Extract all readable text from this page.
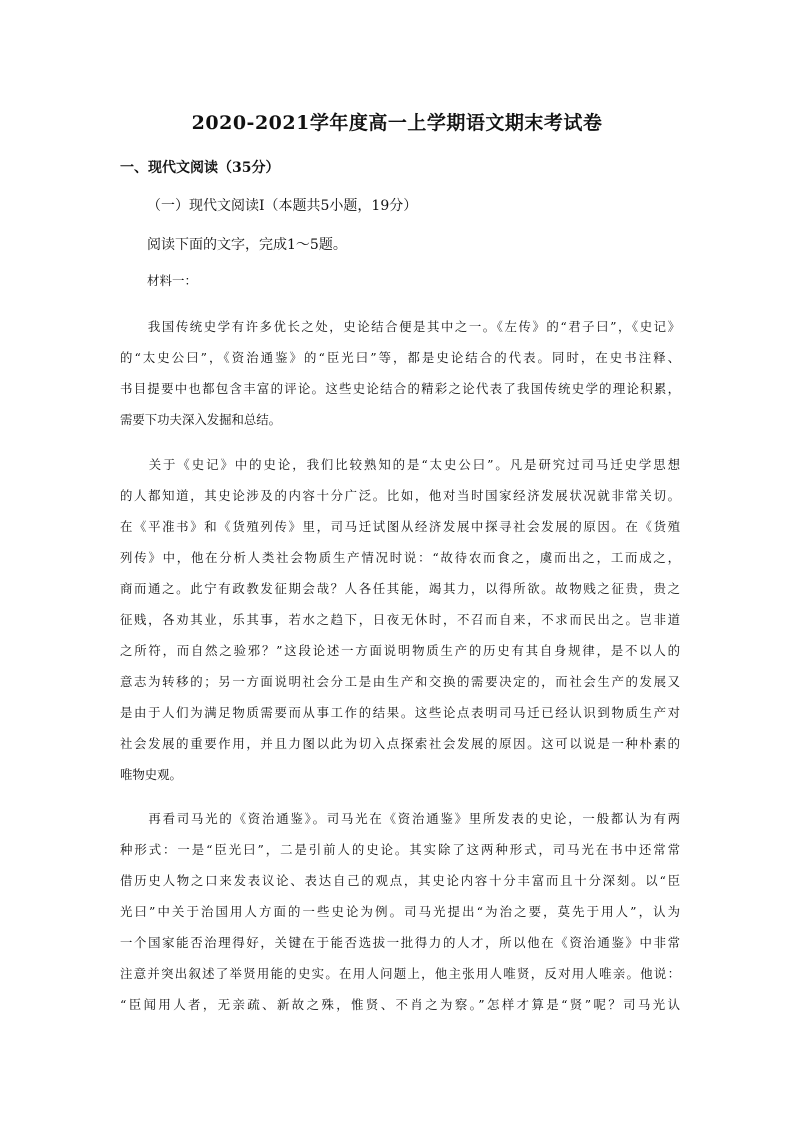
2020-2021学年度高一上学期语文期末考试卷
一、现代文阅读（35分）
（一）现代文阅读Ⅰ（本题共5小题，19分）
阅读下面的文字，完成1～5题。
材料一：
　　我国传统史学有许多优长之处，史论结合便是其中之一。《左传》的“君子曰”，《史记》
的“太史公曰”，《资治通鉴》的“臣光曰”等，都是史论结合的代表。同时，在史书注释、
书目提要中也都包含丰富的评论。这些史论结合的精彩之论代表了我国传统史学的理论积累，
需要下功夫深入发掘和总结。
　　关于《史记》中的史论，我们比较熟知的是“太史公曰”。凡是研究过司马迁史学思想
的人都知道，其史论涉及的内容十分广泛。比如，他对当时国家经济发展状况就非常关切。
在《平准书》和《货殖列传》里，司马迁试图从经济发展中探寻社会发展的原因。在《货殖
列传》中，他在分析人类社会物质生产情况时说：“故待农而食之，虞而出之，工而成之，
商而通之。此宁有政教发征期会哉？人各任其能，竭其力，以得所欲。故物贱之征贵，贵之
征贱，各劝其业，乐其事，若水之趋下，日夜无休时，不召而自来，不求而民出之。岂非道
之所符，而自然之验邪？”这段论述一方面说明物质生产的历史有其自身规律，是不以人的
意志为转移的；另一方面说明社会分工是由生产和交换的需要决定的，而社会生产的发展又
是由于人们为满足物质需要而从事工作的结果。这些论点表明司马迁已经认识到物质生产对
社会发展的重要作用，并且力图以此为切入点探索社会发展的原因。这可以说是一种朴素的
唯物史观。
　　再看司马光的《资治通鉴》。司马光在《资治通鉴》里所发表的史论，一般都认为有两
种形式：一是“臣光曰”，二是引前人的史论。其实除了这两种形式，司马光在书中还常常
借历史人物之口来发表议论、表达自己的观点，其史论内容十分丰富而且十分深刻。以“臣
光曰”中关于治国用人方面的一些史论为例。司马光提出“为治之要，莫先于用人”，认为
一个国家能否治理得好，关键在于能否选拔一批得力的人才，所以他在《资治通鉴》中非常
注意并突出叙述了举贤用能的史实。在用人问题上，他主张用人唯贤，反对用人唯亲。他说：
“臣闻用人者，无亲疏、新故之殊，惟贤、不肖之为察。”怎样才算是“贤”呢？司马光认
